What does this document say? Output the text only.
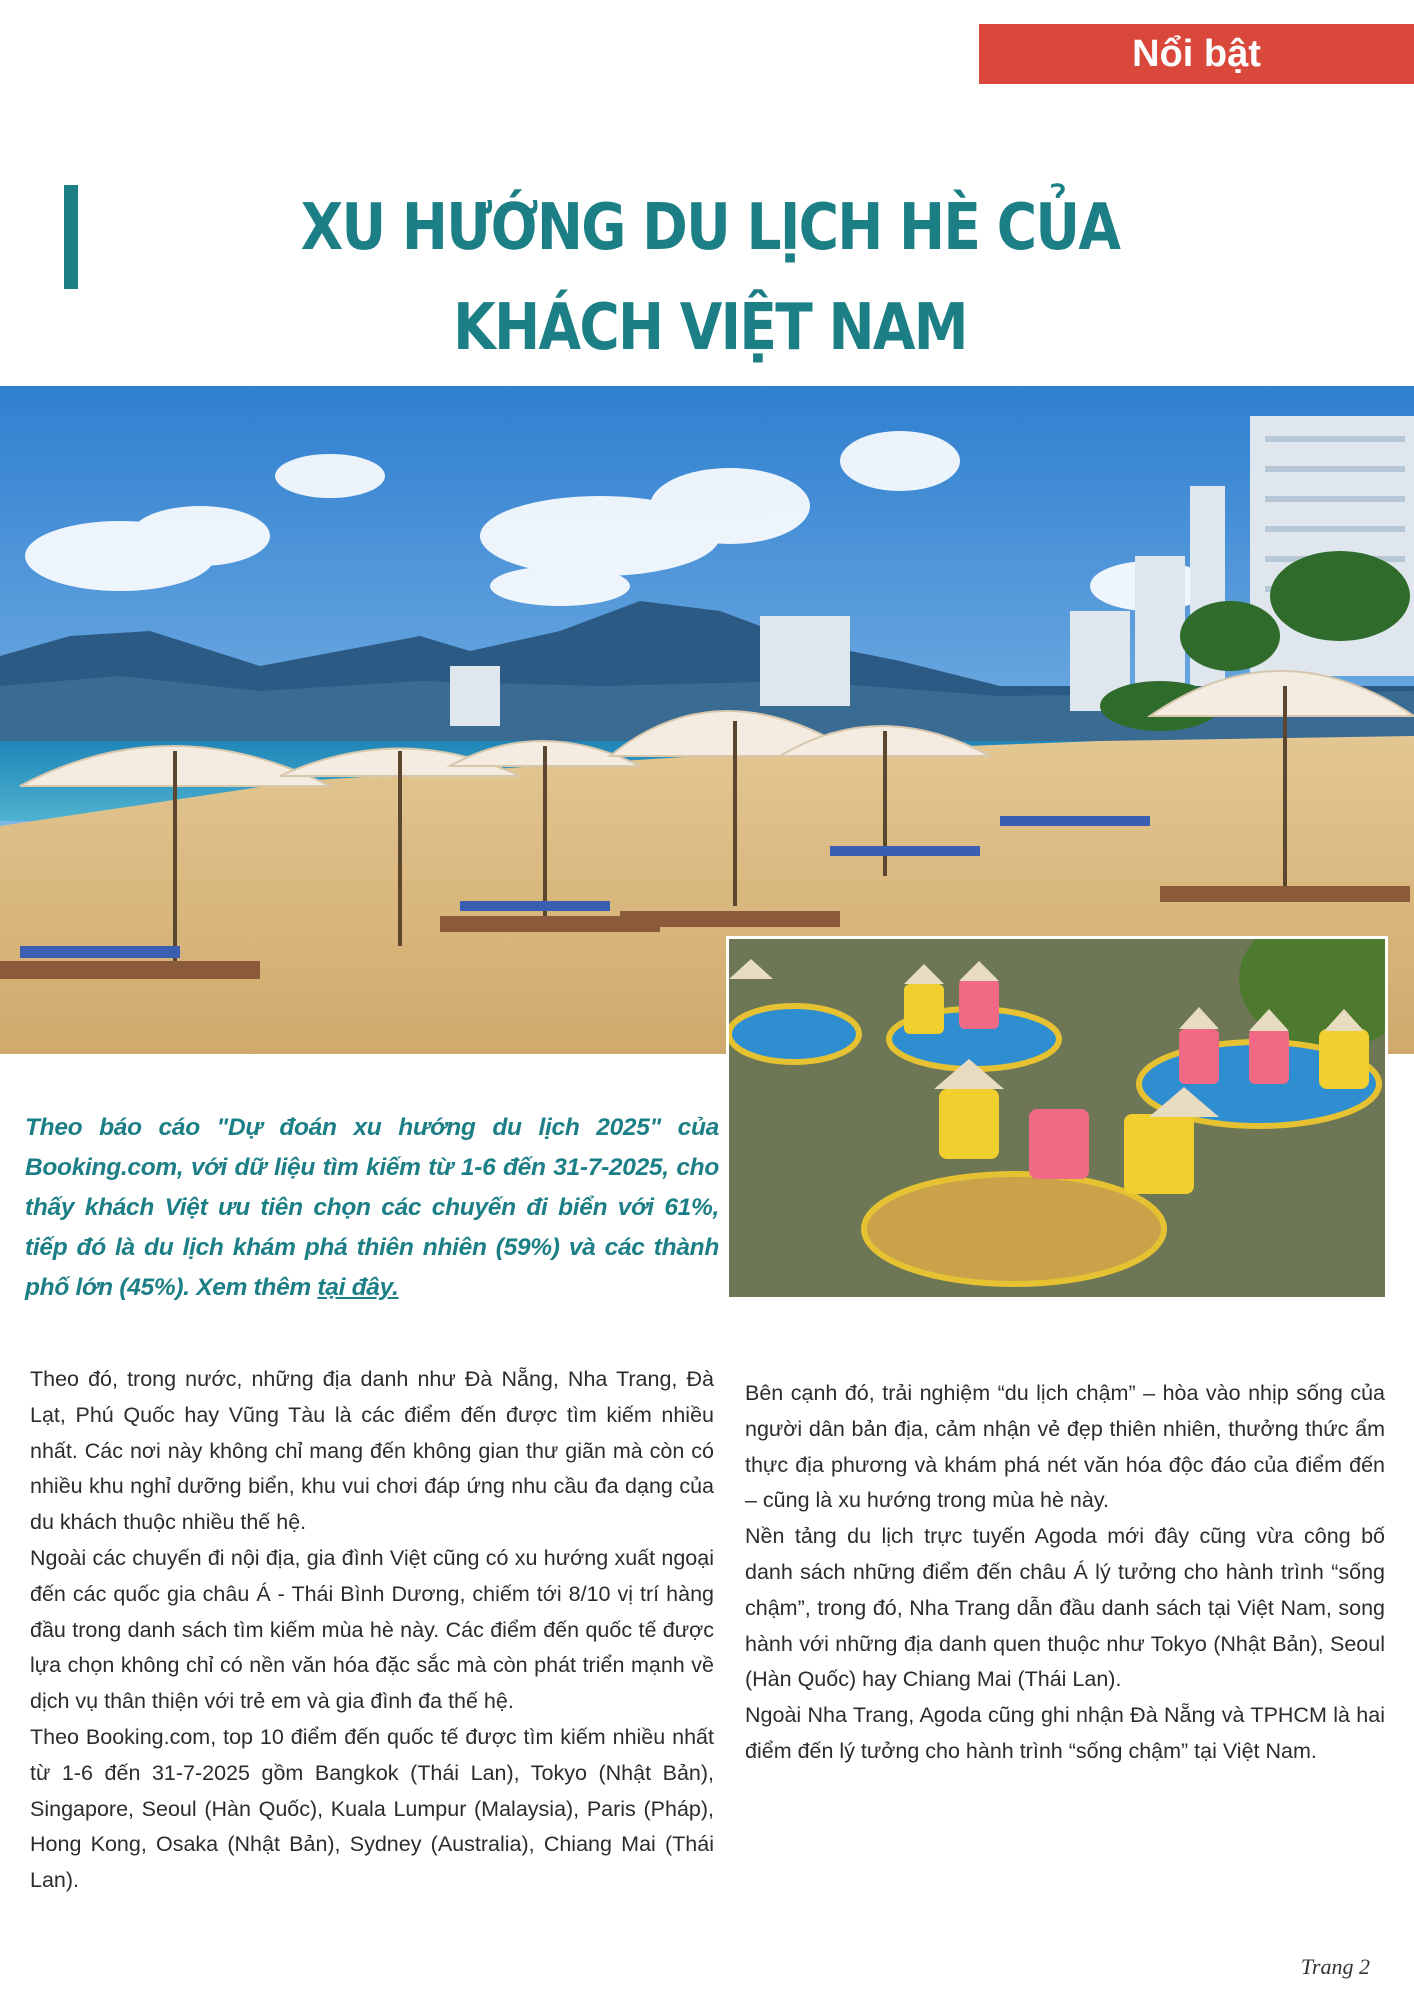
Nổi bật
XU HƯỚNG DU LỊCH HÈ CỦA KHÁCH VIỆT NAM
Theo báo cáo "Dự đoán xu hướng du lịch 2025" của Booking.com, với dữ liệu tìm kiếm từ 1-6 đến 31-7-2025, cho thấy khách Việt ưu tiên chọn các chuyến đi biển với 61%, tiếp đó là du lịch khám phá thiên nhiên (59%) và các thành phố lớn (45%). Xem thêm tại đây.

Theo đó, trong nước, những địa danh như Đà Nẵng, Nha Trang, Đà Lạt, Phú Quốc hay Vũng Tàu là các điểm đến được tìm kiếm nhiều nhất. Các nơi này không chỉ mang đến không gian thư giãn mà còn có nhiều khu nghỉ dưỡng biển, khu vui chơi đáp ứng nhu cầu đa dạng của du khách thuộc nhiều thế hệ.

Ngoài các chuyến đi nội địa, gia đình Việt cũng có xu hướng xuất ngoại đến các quốc gia châu Á - Thái Bình Dương, chiếm tới 8/10 vị trí hàng đầu trong danh sách tìm kiếm mùa hè này. Các điểm đến quốc tế được lựa chọn không chỉ có nền văn hóa đặc sắc mà còn phát triển mạnh về dịch vụ thân thiện với trẻ em và gia đình đa thế hệ.

Theo Booking.com, top 10 điểm đến quốc tế được tìm kiếm nhiều nhất từ 1-6 đến 31-7-2025 gồm Bangkok (Thái Lan), Tokyo (Nhật Bản), Singapore, Seoul (Hàn Quốc), Kuala Lumpur (Malaysia), Paris (Pháp), Hong Kong, Osaka (Nhật Bản), Sydney (Australia), Chiang Mai (Thái Lan).

Bên cạnh đó, trải nghiệm “du lịch chậm” – hòa vào nhịp sống của người dân bản địa, cảm nhận vẻ đẹp thiên nhiên, thưởng thức ẩm thực địa phương và khám phá nét văn hóa độc đáo của điểm đến – cũng là xu hướng trong mùa hè này.

Nền tảng du lịch trực tuyến Agoda mới đây cũng vừa công bố danh sách những điểm đến châu Á lý tưởng cho hành trình “sống chậm”, trong đó, Nha Trang dẫn đầu danh sách tại Việt Nam, song hành với những địa danh quen thuộc như Tokyo (Nhật Bản), Seoul (Hàn Quốc) hay Chiang Mai (Thái Lan).

Ngoài Nha Trang, Agoda cũng ghi nhận Đà Nẵng và TPHCM là hai điểm đến lý tưởng cho hành trình “sống chậm” tại Việt Nam.

Trang 2
